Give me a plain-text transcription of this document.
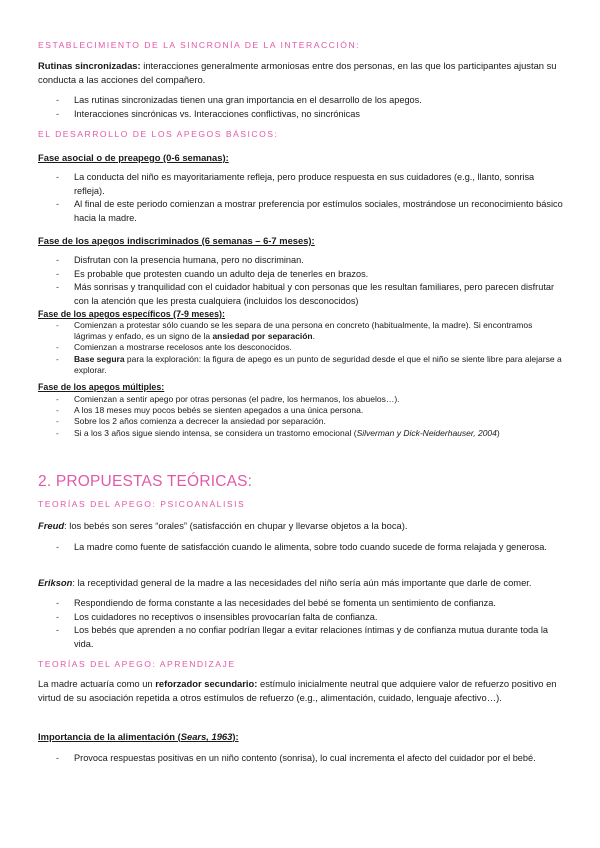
ESTABLECIMIENTO DE LA SINCRONÍA DE LA INTERACCIÓN:
Rutinas sincronizadas: interacciones generalmente armoniosas entre dos personas, en las que los participantes ajustan su conducta a las acciones del compañero.
- Las rutinas sincronizadas tienen una gran importancia en el desarrollo de los apegos.
- Interacciones sincrónicas vs. Interacciones conflictivas, no sincrónicas
EL DESARROLLO DE LOS APEGOS BÁSICOS:
Fase asocial o de preapego (0-6 semanas):
- La conducta del niño es mayoritariamente refleja, pero produce respuesta en sus cuidadores (e.g., llanto, sonrisa refleja).
- Al final de este periodo comienzan a mostrar preferencia por estímulos sociales, mostrándose un reconocimiento básico hacia la madre.
Fase de los apegos indiscriminados (6 semanas – 6-7 meses):
- Disfrutan con la presencia humana, pero no discriminan.
- Es probable que protesten cuando un adulto deja de tenerles en brazos.
- Más sonrisas y tranquilidad con el cuidador habitual y con personas que les resultan familiares, pero parecen disfrutar con la atención que les presta cualquiera (incluidos los desconocidos)
Fase de los apegos específicos (7-9 meses):
- Comienzan a protestar sólo cuando se les separa de una persona en concreto (habitualmente, la madre). Si encontramos lágrimas y enfado, es un signo de la ansiedad por separación.
- Comienzan a mostrarse recelosos ante los desconocidos.
- Base segura para la exploración: la figura de apego es un punto de seguridad desde el que el niño se siente libre para alejarse a explorar.
Fase de los apegos múltiples:
- Comienzan a sentir apego por otras personas (el padre, los hermanos, los abuelos…).
- A los 18 meses muy pocos bebés se sienten apegados a una única persona.
- Sobre los 2 años comienza a decrecer la ansiedad por separación.
- Si a los 3 años sigue siendo intensa, se considera un trastorno emocional (Silverman y Dick-Neiderhauser, 2004)
2. PROPUESTAS TEÓRICAS:
TEORÍAS DEL APEGO: PSICOANÁLISIS
Freud: los bebés son seres “orales” (satisfacción en chupar y llevarse objetos a la boca).
- La madre como fuente de satisfacción cuando le alimenta, sobre todo cuando sucede de forma relajada y generosa.
Erikson: la receptividad general de la madre a las necesidades del niño sería aún más importante que darle de comer.
- Respondiendo de forma constante a las necesidades del bebé se fomenta un sentimiento de confianza.
- Los cuidadores no receptivos o insensibles provocarían falta de confianza.
- Los bebés que aprenden a no confiar podrían llegar a evitar relaciones íntimas y de confianza mutua durante toda la vida.
TEORÍAS DEL APEGO: APRENDIZAJE
La madre actuaría como un reforzador secundario: estímulo inicialmente neutral que adquiere valor de refuerzo positivo en virtud de su asociación repetida a otros estímulos de refuerzo (e.g., alimentación, cuidado, lenguaje afectivo…).
Importancia de la alimentación (Sears, 1963):
- Provoca respuestas positivas en un niño contento (sonrisa), lo cual incrementa el afecto del cuidador por el bebé.
